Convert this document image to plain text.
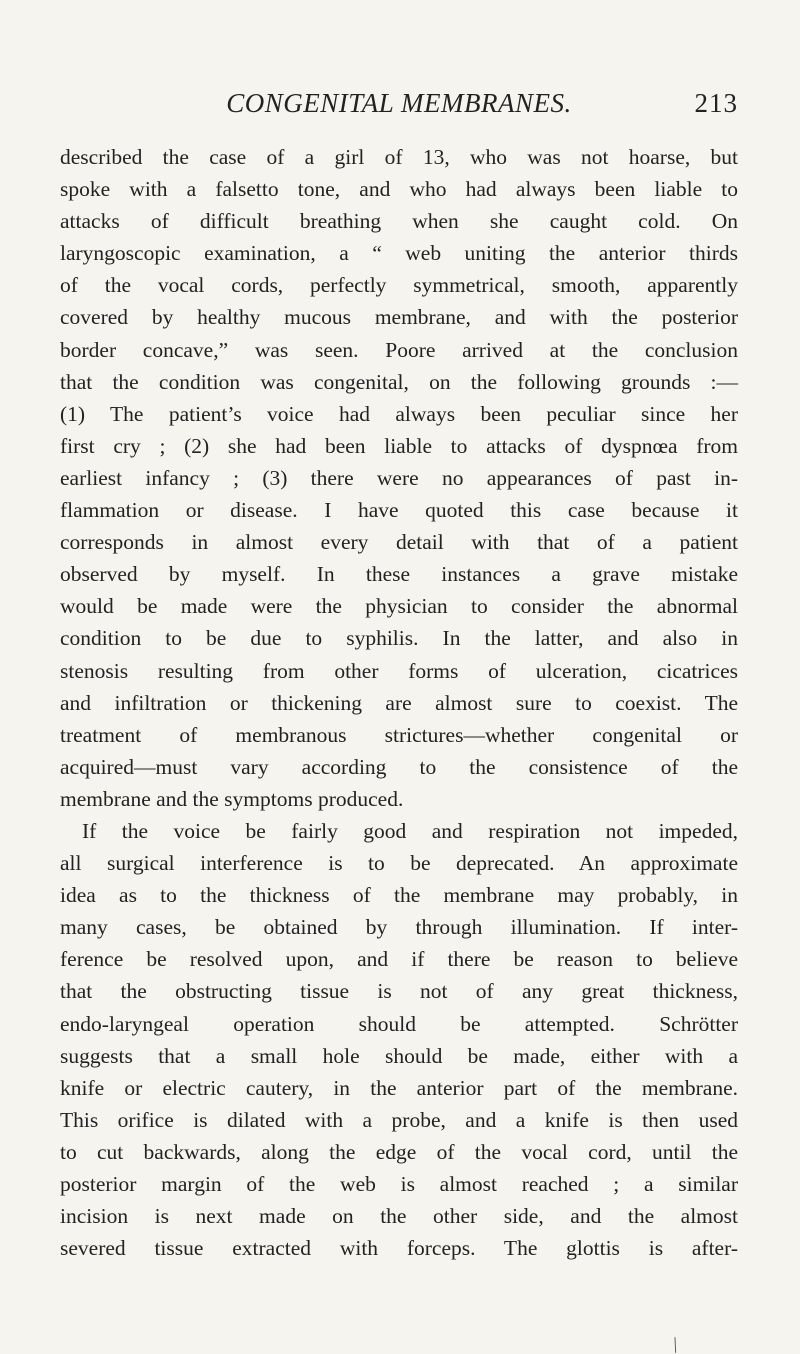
CONGENITAL MEMBRANES.	213
described the case of a girl of 13, who was not hoarse, but
spoke with a falsetto tone, and who had always been liable to
attacks of difficult breathing when she caught cold. On
laryngoscopic examination, a “ web uniting the anterior thirds
of the vocal cords, perfectly symmetrical, smooth, apparently
covered by healthy mucous membrane, and with the posterior
border concave,” was seen. Poore arrived at the conclusion
that the condition was congenital, on the following grounds :—
(1) The patient’s voice had always been peculiar since her
first cry ; (2) she had been liable to attacks of dyspnœa from
earliest infancy ; (3) there were no appearances of past in-
flammation or disease. I have quoted this case because it
corresponds in almost every detail with that of a patient
observed by myself. In these instances a grave mistake
would be made were the physician to consider the abnormal
condition to be due to syphilis. In the latter, and also in
stenosis resulting from other forms of ulceration, cicatrices
and infiltration or thickening are almost sure to coexist. The
treatment of membranous strictures—whether congenital or
acquired—must vary according to the consistence of the
membrane and the symptoms produced.
If the voice be fairly good and respiration not impeded,
all surgical interference is to be deprecated. An approximate
idea as to the thickness of the membrane may probably, in
many cases, be obtained by through illumination. If inter-
ference be resolved upon, and if there be reason to believe
that the obstructing tissue is not of any great thickness,
endo-laryngeal operation should be attempted. Schrötter
suggests that a small hole should be made, either with a
knife or electric cautery, in the anterior part of the membrane.
This orifice is dilated with a probe, and a knife is then used
to cut backwards, along the edge of the vocal cord, until the
posterior margin of the web is almost reached ; a similar
incision is next made on the other side, and the almost
severed tissue extracted with forceps. The glottis is after-
╱
